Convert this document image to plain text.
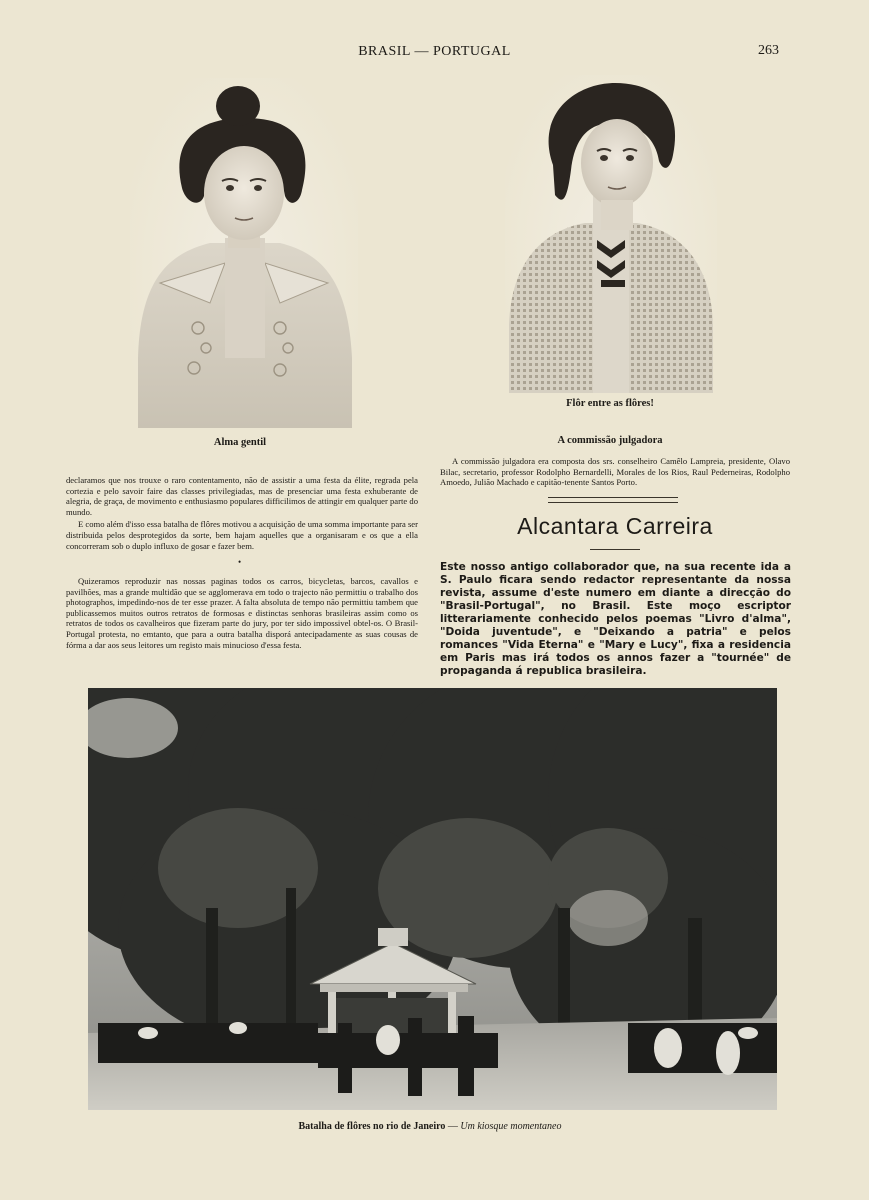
BRASIL — PORTUGAL	263
Alma gentil
Flôr entre as flôres!

declaramos que nos trouxe o raro contentamento, não de assistir a uma festa da élite, regrada pela cortezia e pelo savoir faire das classes privilegiadas, mas de presenciar uma festa exhuberante de alegria, de graça, de movimento e enthusiasmo populares difficilimos de attingir em qualquer parte do mundo.

E como além d'isso essa batalha de flôres motivou a acquisição de uma somma importante para ser distribuida pelos desprotegidos da sorte, bem hajam aquelles que a organisaram e os que a ella concorreram sob o duplo influxo de gosar e fazer bem.

•

Quizeramos reproduzir nas nossas paginas todos os carros, bicycletas, barcos, cavallos e pavilhões, mas a grande multidão que se agglomerava em todo o trajecto não permittiu o trabalho dos photographos, impedindo-nos de ter esse prazer. A falta absoluta de tempo não permittiu tambem que publicassemos muitos outros retratos de formosas e distinctas senhoras brasileiras assim como os retratos de todos os cavalheiros que fizeram parte do jury, por ter sido impossivel obtel-os. O Brasil-Portugal protesta, no emtanto, que para a outra batalha disporá antecipadamente as suas cousas de fórma a dar aos seus leitores um registo mais minucioso d'essa festa.

A commissão julgadora

A commissão julgadora era composta dos srs. conselheiro Camêlo Lampreia, presidente, Olavo Bilac, secretario, professor Rodolpho Bernardelli, Morales de los Rios, Raul Pederneiras, Rodolpho Amoedo, Julião Machado e capitão-tenente Santos Porto.

Alcantara Carreira
Este nosso antigo collaborador que, na sua recente ida a S. Paulo ficara sendo redactor representante da nossa revista, assume d'este numero em diante a direcção do "Brasil-Portugal", no Brasil. Este moço escriptor litterariamente conhecido pelos poemas "Livro d'alma", "Doida juventude", e "Deixando a patria" e pelos romances "Vida Eterna" e "Mary e Lucy", fixa a residencia em Paris mas irá todos os annos fazer a "tournée" de propaganda á republica brasileira.
Batalha de flôres no rio de Janeiro — Um kiosque momentaneo
